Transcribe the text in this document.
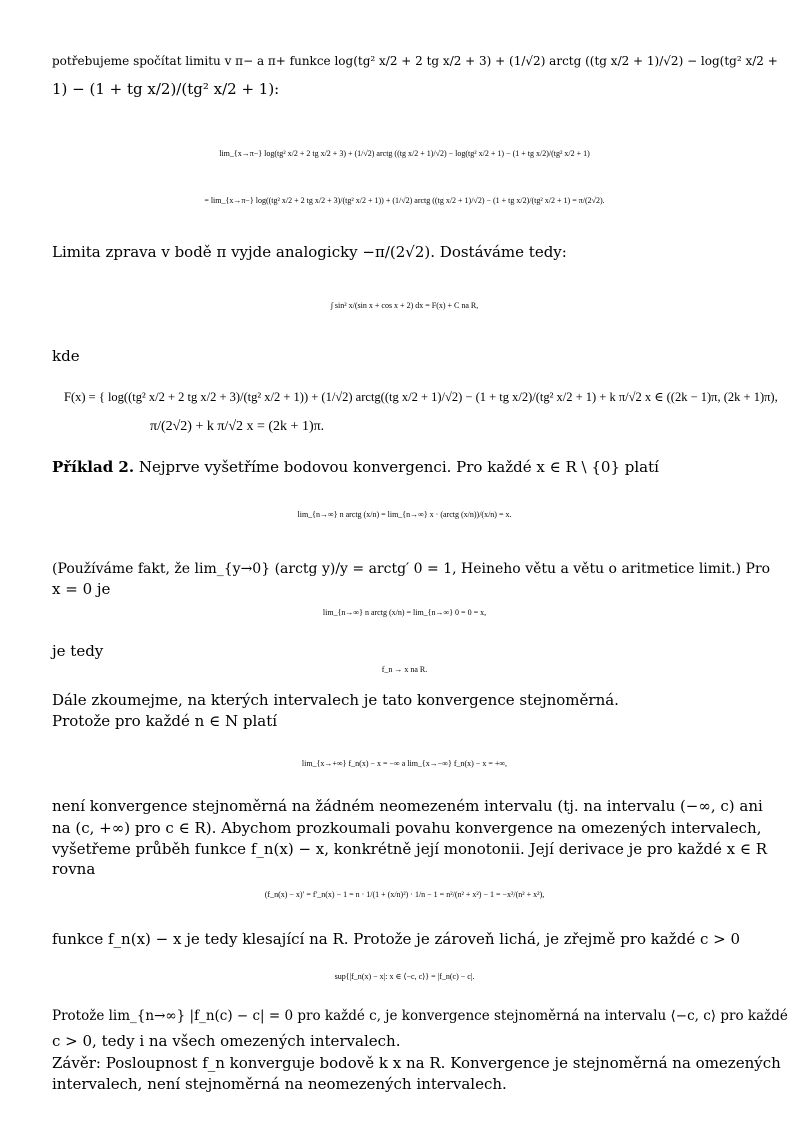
potřebujeme spočítat limitu v π− a π+ funkce log(tg² x/2 + 2 tg x/2 + 3) + (1/√2) arctg ((tg x/2 + 1)/√2) − log(tg² x/2 +
1) − (1 + tg x/2)/(tg² x/2 + 1):
lim_{x→π−} log(tg² x/2 + 2 tg x/2 + 3) + (1/√2) arctg ((tg x/2 + 1)/√2) − log(tg² x/2 + 1) − (1 + tg x/2)/(tg² x/2 + 1)
= lim_{x→π−} log((tg² x/2 + 2 tg x/2 + 3)/(tg² x/2 + 1)) + (1/√2) arctg ((tg x/2 + 1)/√2) − (1 + tg x/2)/(tg² x/2 + 1) = π/(2√2).
Limita zprava v bodě π vyjde analogicky −π/(2√2). Dostáváme tedy:
∫ sin² x/(sin x + cos x + 2) dx = F(x) + C na R,
kde
F(x) = { log((tg² x/2 + 2 tg x/2 + 3)/(tg² x/2 + 1)) + (1/√2) arctg((tg x/2 + 1)/√2) − (1 + tg x/2)/(tg² x/2 + 1) + k π/√2 x ∈ ((2k − 1)π, (2k + 1)π),
π/(2√2) + k π/√2 x = (2k + 1)π.
Příklad 2. Nejprve vyšetříme bodovou konvergenci. Pro každé x ∈ R \ {0} platí
lim_{n→∞} n arctg (x/n) = lim_{n→∞} x · (arctg (x/n))/(x/n) = x.
(Používáme fakt, že lim_{y→0} (arctg y)/y = arctg′ 0 = 1, Heineho větu a větu o aritmetice limit.) Pro
x = 0 je
lim_{n→∞} n arctg (x/n) = lim_{n→∞} 0 = 0 = x,
je tedy
f_n → x na R.
Dále zkoumejme, na kterých intervalech je tato konvergence stejnoměrná.
Protože pro každé n ∈ N platí
lim_{x→+∞} f_n(x) − x = −∞ a lim_{x→−∞} f_n(x) − x = +∞,
není konvergence stejnoměrná na žádném neomezeném intervalu (tj. na intervalu (−∞, c) ani
na (c, +∞) pro c ∈ R). Abychom prozkoumali povahu konvergence na omezených intervalech,
vyšetřeme průběh funkce f_n(x) − x, konkrétně její monotonii. Její derivace je pro každé x ∈ R
rovna
(f_n(x) − x)′ = f′_n(x) − 1 = n · 1/(1 + (x/n)²) · 1/n − 1 = n²/(n² + x²) − 1 = −x²/(n² + x²),
funkce f_n(x) − x je tedy klesající na R. Protože je zároveň lichá, je zřejmě pro každé c > 0
sup{|f_n(x) − x|: x ∈ ⟨−c, c⟩} = |f_n(c) − c|.
Protože lim_{n→∞} |f_n(c) − c| = 0 pro každé c, je konvergence stejnoměrná na intervalu ⟨−c, c⟩ pro každé
c > 0, tedy i na všech omezených intervalech.
Závěr: Posloupnost f_n konverguje bodově k x na R. Konvergence je stejnoměrná na omezených
intervalech, není stejnoměrná na neomezených intervalech.
